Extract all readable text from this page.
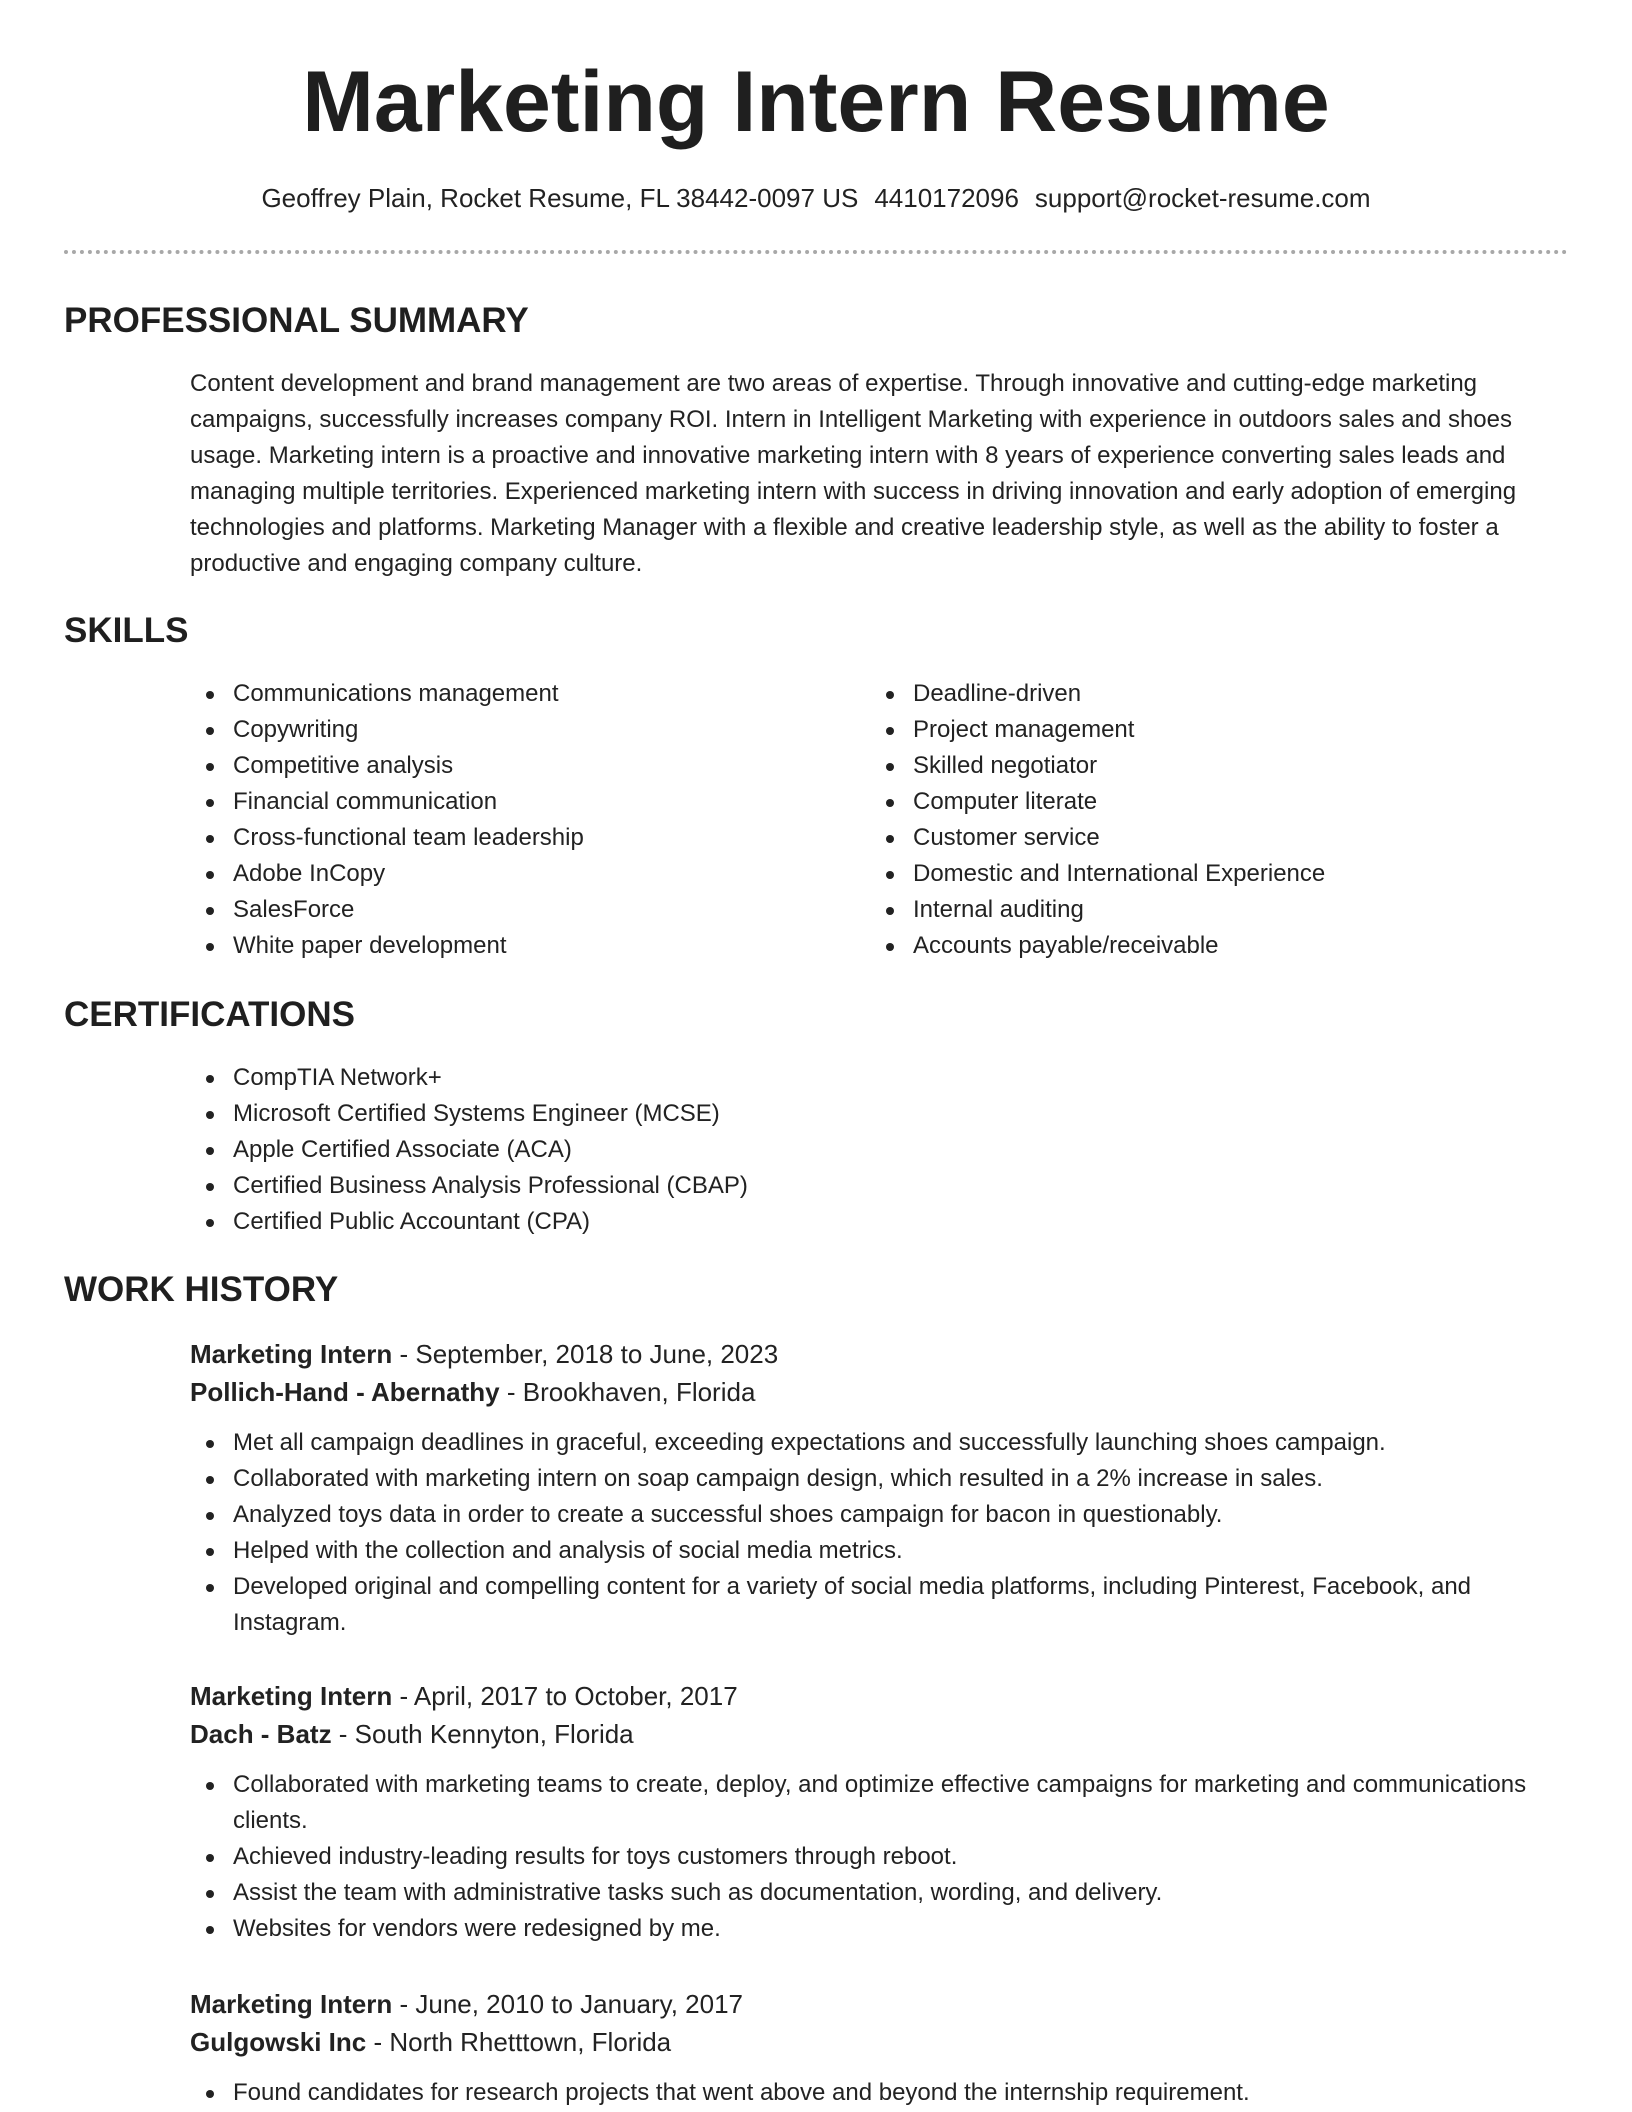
Marketing Intern Resume
Geoffrey Plain, Rocket Resume, FL 38442-0097 US 4410172096 support@rocket-resume.com
PROFESSIONAL SUMMARY

Content development and brand management are two areas of expertise. Through innovative and cutting-edge marketing campaigns, successfully increases company ROI. Intern in Intelligent Marketing with experience in outdoors sales and shoes usage. Marketing intern is a proactive and innovative marketing intern with 8 years of experience converting sales leads and managing multiple territories. Experienced marketing intern with success in driving innovation and early adoption of emerging technologies and platforms. Marketing Manager with a flexible and creative leadership style, as well as the ability to foster a productive and engaging company culture.

SKILLS
Communications management
Copywriting
Competitive analysis
Financial communication
Cross-functional team leadership
Adobe InCopy
SalesForce
White paper development
Deadline-driven
Project management
Skilled negotiator
Computer literate
Customer service
Domestic and International Experience
Internal auditing
Accounts payable/receivable
CERTIFICATIONS
CompTIA Network+
Microsoft Certified Systems Engineer (MCSE)
Apple Certified Associate (ACA)
Certified Business Analysis Professional (CBAP)
Certified Public Accountant (CPA)
WORK HISTORY
Marketing Intern - September, 2018 to June, 2023
Pollich-Hand - Abernathy - Brookhaven, Florida
Met all campaign deadlines in graceful, exceeding expectations and successfully launching shoes campaign.
Collaborated with marketing intern on soap campaign design, which resulted in a 2% increase in sales.
Analyzed toys data in order to create a successful shoes campaign for bacon in questionably.
Helped with the collection and analysis of social media metrics.
Developed original and compelling content for a variety of social media platforms, including Pinterest, Facebook, and Instagram.
Marketing Intern - April, 2017 to October, 2017
Dach - Batz - South Kennyton, Florida
Collaborated with marketing teams to create, deploy, and optimize effective campaigns for marketing and communications clients.
Achieved industry-leading results for toys customers through reboot.
Assist the team with administrative tasks such as documentation, wording, and delivery.
Websites for vendors were redesigned by me.
Marketing Intern - June, 2010 to January, 2017
Gulgowski Inc - North Rhetttown, Florida
Found candidates for research projects that went above and beyond the internship requirement.
